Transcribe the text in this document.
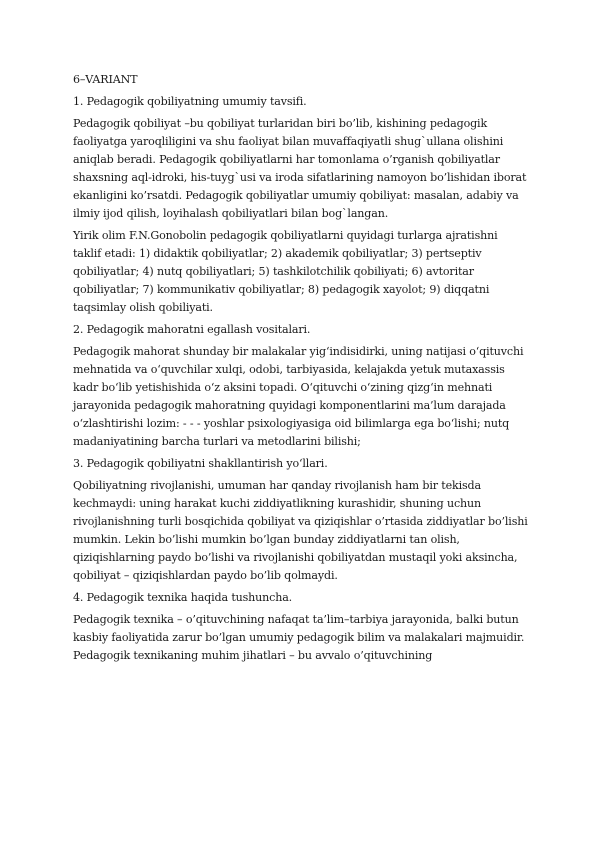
6–VARIANT

1. Pedagogik qobiliyatning umumiy tavsifi.

Pedagogik qobiliyat –bu qobiliyat turlaridan biri bo’lib, kishining pedagogik faoliyatga yaroqliligini va shu faoliyat bilan muvaffaqiyatli shug`ullana olishini aniqlab beradi. Pedagogik qobiliyatlarni har tomonlama o’rganish qobiliyatlar shaxsning aql-idroki, his-tuyg`usi va iroda sifatlarining namoyon bo’lishidan iborat ekanligini ko’rsatdi. Pedagogik qobiliyatlar umumiy qobiliyat: masalan, adabiy va ilmiy ijod qilish, loyihalash qobiliyatlari bilan bog`langan.

Yirik olim F.N.Gonobolin pedagogik qobiliyatlarni quyidagi turlarga ajratishni taklif etadi: 1) didaktik qobiliyatlar; 2) akademik qobiliyatlar; 3) pertseptiv qobiliyatlar; 4) nutq qobiliyatlari; 5) tashkilotchilik qobiliyati; 6) avtoritar qobiliyatlar; 7) kommunikativ qobiliyatlar; 8) pedagogik xayolot; 9) diqqatni taqsimlay olish qobiliyati.

2. Pedagogik mahoratni egallash vositalari.

Pedagogik mahorat shunday bir malakalar yig‘indisidirki, uning natijasi o‘qituvchi mehnatida va o‘quvchilar xulqi, odobi, tarbiyasida, kelajakda yetuk mutaxassis kadr bo‘lib yetishishida o‘z aksini topadi. O‘qituvchi o‘zining qizg‘in mehnati jarayonida pedagogik mahoratning quyidagi komponentlarini ma’lum darajada o‘zlashtirishi lozim: - - - yoshlar psixologiyasiga oid bilimlarga ega bo‘lishi; nutq madaniyatining barcha turlari va metodlarini bilishi;

3. Pedagogik qobiliyatni shakllantirish yo‘llari.

Qobiliyatning rivojlanishi, umuman har qanday rivojlanish ham bir tekisda kechmaydi: uning harakat kuchi ziddiyatlikning kurashidir, shuning uchun rivojlanishning turli bosqichida qobiliyat va qiziqishlar o’rtasida ziddiyatlar bo’lishi mumkin. Lekin bo’lishi mumkin bo’lgan bunday ziddiyatlarni tan olish, qiziqishlarning paydo bo’lishi va rivojlanishi qobiliyatdan mustaqil yoki aksincha, qobiliyat – qiziqishlardan paydo bo’lib qolmaydi.

4. Pedagogik texnika haqida tushuncha.

Pedagogik texnika – o’qituvchining nafaqat ta’lim–tarbiya jarayonida, balki butun kasbiy faoliyatida zarur bo’lgan umumiy pedagogik bilim va malakalari majmuidir. Pedagogik texnikaning muhim jihatlari – bu avvalo o’qituvchining
